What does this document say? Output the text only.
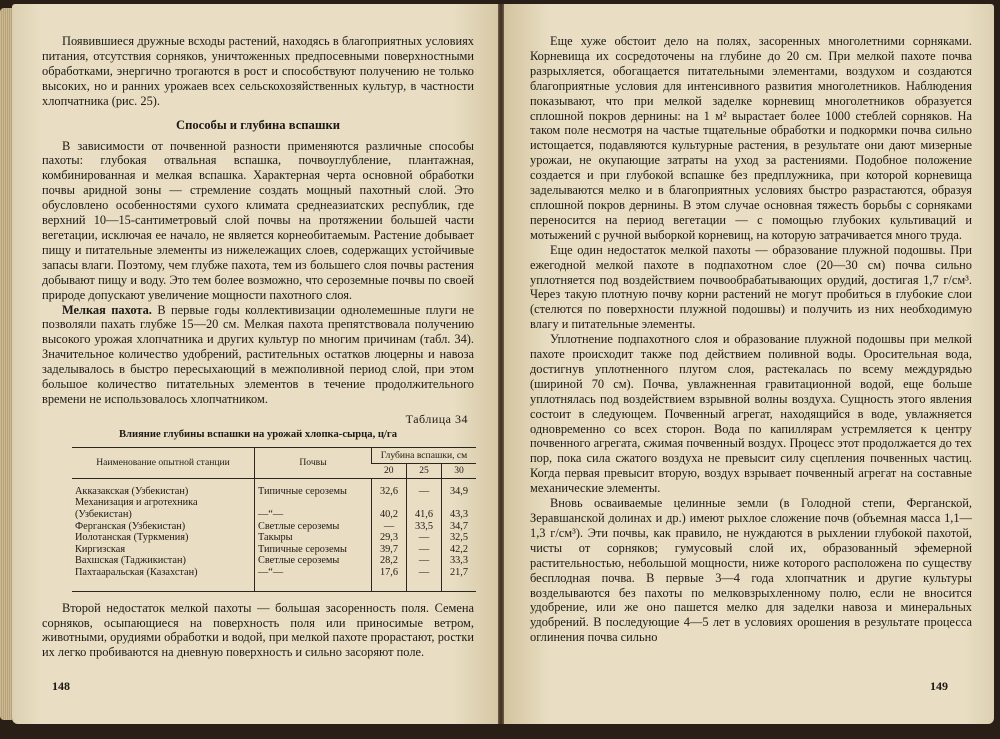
Появившиеся дружные всходы растений, находясь в благоприятных условиях питания, отсутствия сорняков, уничтоженных предпосевными поверхностными обработками, энергично трогаются в рост и способствуют получению не только высоких, но и ранних урожаев всех сельскохозяйственных культур, в частности хлопчатника (рис. 25).

Способы и глубина вспашки

В зависимости от почвенной разности применяются различные способы пахоты: глубокая отвальная вспашка, почвоуглубление, плантажная, комбинированная и мелкая вспашка. Характерная черта основной обработки почвы аридной зоны — стремление создать мощный пахотный слой. Это обусловлено особенностями сухого климата среднеазиатских республик, где верхний 10—15-сантиметровый слой почвы на протяжении большей части вегетации, исключая ее начало, не является корнеобитаемым. Растение добывает пищу и питательные элементы из нижележащих слоев, содержащих устойчивые запасы влаги. Поэтому, чем глубже пахота, тем из большего слоя почвы растения добывают пищу и воду. Это тем более возможно, что сероземные почвы по своей природе допускают увеличение мощности пахотного слоя.

Мелкая пахота. В первые годы коллективизации однолемешные плуги не позволяли пахать глубже 15—20 см. Мелкая пахота препятствовала получению высокого урожая хлопчатника и других культур по многим причинам (табл. 34). Значительное количество удобрений, растительных остатков люцерны и навоза заделывалось в быстро пересыхающий в межполивной период слой, при этом большое количество питательных элементов в течение продолжительного времени не использовалось хлопчатником.

Таблица 34
Влияние глубины вспашки на урожай хлопка-сырца, ц/га
Наименование опытной станции	Почвы	Глубина вспашки, см		
		20	25	30
Акказакская (Узбекистан)	Типичные сероземы	32,6	—	34,9
Механизация и агротехника				
(Узбекистан)	—“—	40,2	41,6	43,3
Ферганская (Узбекистан)	Светлые сероземы	—	33,5	34,7
Иолотанская (Туркмения)	Такыры	29,3	—	32,5
Киргизская	Типичные сероземы	39,7	—	42,2
Вахшская (Таджикистан)	Светлые сероземы	28,2	—	33,3
Пахтааральская (Казахстан)	—“—	17,6	—	21,7

Второй недостаток мелкой пахоты — большая засоренность поля. Семена сорняков, осыпающиеся на поверхность поля или приносимые ветром, животными, орудиями обработки и водой, при мелкой пахоте прорастают, ростки их легко пробиваются на дневную поверхность и сильно засоряют поле.

148

Еще хуже обстоит дело на полях, засоренных многолетними сорняками. Корневища их сосредоточены на глубине до 20 см. При мелкой пахоте почва разрыхляется, обогащается питательными элементами, воздухом и создаются благоприятные условия для интенсивного развития многолетников. Наблюдения показывают, что при мелкой заделке корневищ многолетников образуется сплошной покров дернины: на 1 м² вырастает более 1000 стеблей сорняков. На таком поле несмотря на частые тщательные обработки и подкормки почва сильно истощается, подавляются культурные растения, в результате они дают мизерные урожаи, не окупающие затраты на уход за растениями. Подобное положение создается и при глубокой вспашке без предплужника, при которой корневища заделываются мелко и в благоприятных условиях быстро разрастаются, образуя сплошной покров дернины. В этом случае основная тяжесть борьбы с сорняками переносится на период вегетации — с помощью глубоких культиваций и мотыжений с ручной выборкой корневищ, на которую затрачивается много труда.

Еще один недостаток мелкой пахоты — образование плужной подошвы. При ежегодной мелкой пахоте в подпахотном слое (20—30 см) почва сильно уплотняется под воздействием почвообрабатывающих орудий, достигая 1,7 г/см³. Через такую плотную почву корни растений не могут пробиться в глубокие слои (стелются по поверхности плужной подошвы) и получить из них необходимую влагу и питательные элементы.

Уплотнение подпахотного слоя и образование плужной подошвы при мелкой пахоте происходит также под действием поливной воды. Оросительная вода, достигнув уплотненного плугом слоя, растекалась по всему междурядью (шириной 70 см). Почва, увлажненная гравитационной водой, еще больше уплотнялась под воздействием взрывной волны воздуха. Сущность этого явления состоит в следующем. Почвенный агрегат, находящийся в воде, увлажняется одновременно со всех сторон. Вода по капиллярам устремляется к центру почвенного агрегата, сжимая почвенный воздух. Процесс этот продолжается до тех пор, пока сила сжатого воздуха не превысит силу сцепления почвенных частиц. Когда первая превысит вторую, воздух взрывает почвенный агрегат на составные механические элементы.

Вновь осваиваемые целинные земли (в Голодной степи, Ферганской, Зеравшанской долинах и др.) имеют рыхлое сложение почв (объемная масса 1,1—1,3 г/см³). Эти почвы, как правило, не нуждаются в рыхлении глубокой пахотой, чисты от сорняков; гумусовый слой их, образованный эфемерной растительностью, небольшой мощности, ниже которого расположена по существу бесплодная почва. В первые 3—4 года хлопчатник и другие культуры возделываются без пахоты по мелковзрыхленному полю, если не вносится удобрение, или же оно пашется мелко для заделки навоза и минеральных удобрений. В последующие 4—5 лет в условиях орошения в результате процесса оглинения почва сильно

149
